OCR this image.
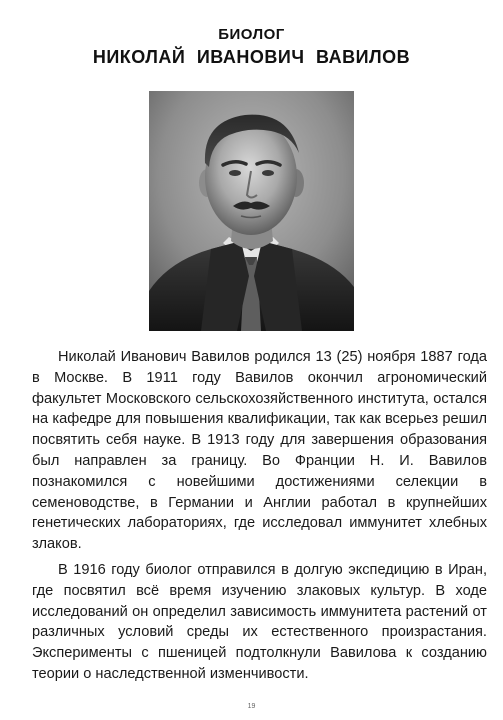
БИОЛОГ
НИКОЛАЙ ИВАНОВИЧ ВАВИЛОВ

Николай Иванович Вавилов родился 13 (25) ноября 1887 года в Москве. В 1911 году Вавилов окончил агрономический факультет Московского сельскохозяйственного института, остался на кафедре для повышения квалификации, так как всерьез решил посвятить себя науке. В 1913 году для завершения образования был направлен за границу. Во Франции Н. И. Вавилов познакомился с новейшими достижениями селекции в семеноводстве, в Германии и Англии работал в крупнейших генетических лабораториях, где исследовал иммунитет хлебных злаков.

В 1916 году биолог отправился в долгую экспедицию в Иран, где посвятил всё время изучению злаковых культур. В ходе исследований он определил зависимость иммунитета растений от различных условий среды их естественного произрастания. Эксперименты с пшеницей подтолкнули Вавилова к созданию теории о наследственной изменчивости.

19
